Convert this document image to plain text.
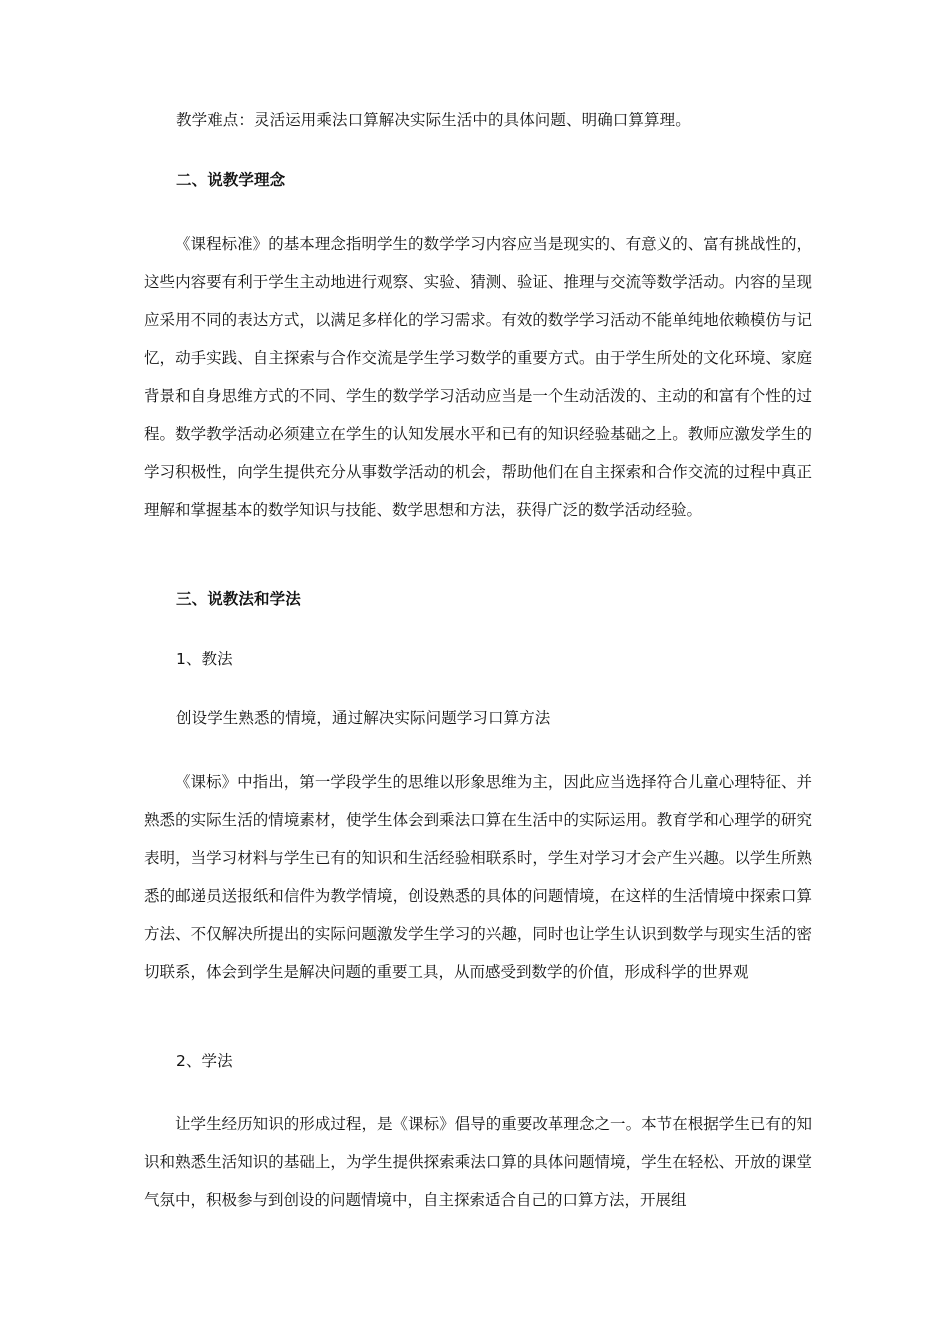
教学难点：灵活运用乘法口算解决实际生活中的具体问题、明确口算算理。
二、说教学理念

《课程标准》的基本理念指明学生的数学学习内容应当是现实的、有意义的、富有挑战性的，这些内容要有利于学生主动地进行观察、实验、猜测、验证、推理与交流等数学活动。内容的呈现应采用不同的表达方式，以满足多样化的学习需求。有效的数学学习活动不能单纯地依赖模仿与记忆，动手实践、自主探索与合作交流是学生学习数学的重要方式。由于学生所处的文化环境、家庭背景和自身思维方式的不同、学生的数学学习活动应当是一个生动活泼的、主动的和富有个性的过程。数学教学活动必须建立在学生的认知发展水平和已有的知识经验基础之上。教师应激发学生的学习积极性，向学生提供充分从事数学活动的机会，帮助他们在自主探索和合作交流的过程中真正理解和掌握基本的数学知识与技能、数学思想和方法，获得广泛的数学活动经验。

三、说教法和学法
1、教法
创设学生熟悉的情境，通过解决实际问题学习口算方法

《课标》中指出，第一学段学生的思维以形象思维为主，因此应当选择符合儿童心理特征、并熟悉的实际生活的情境素材，使学生体会到乘法口算在生活中的实际运用。教育学和心理学的研究表明，当学习材料与学生已有的知识和生活经验相联系时，学生对学习才会产生兴趣。以学生所熟悉的邮递员送报纸和信件为教学情境，创设熟悉的具体的问题情境，在这样的生活情境中探索口算方法、不仅解决所提出的实际问题激发学生学习的兴趣，同时也让学生认识到数学与现实生活的密切联系，体会到学生是解决问题的重要工具，从而感受到数学的价值，形成科学的世界观

2、学法

让学生经历知识的形成过程，是《课标》倡导的重要改革理念之一。本节在根据学生已有的知识和熟悉生活知识的基础上，为学生提供探索乘法口算的具体问题情境，学生在轻松、开放的课堂气氛中，积极参与到创设的问题情境中，自主探索适合自己的口算方法，开展组
